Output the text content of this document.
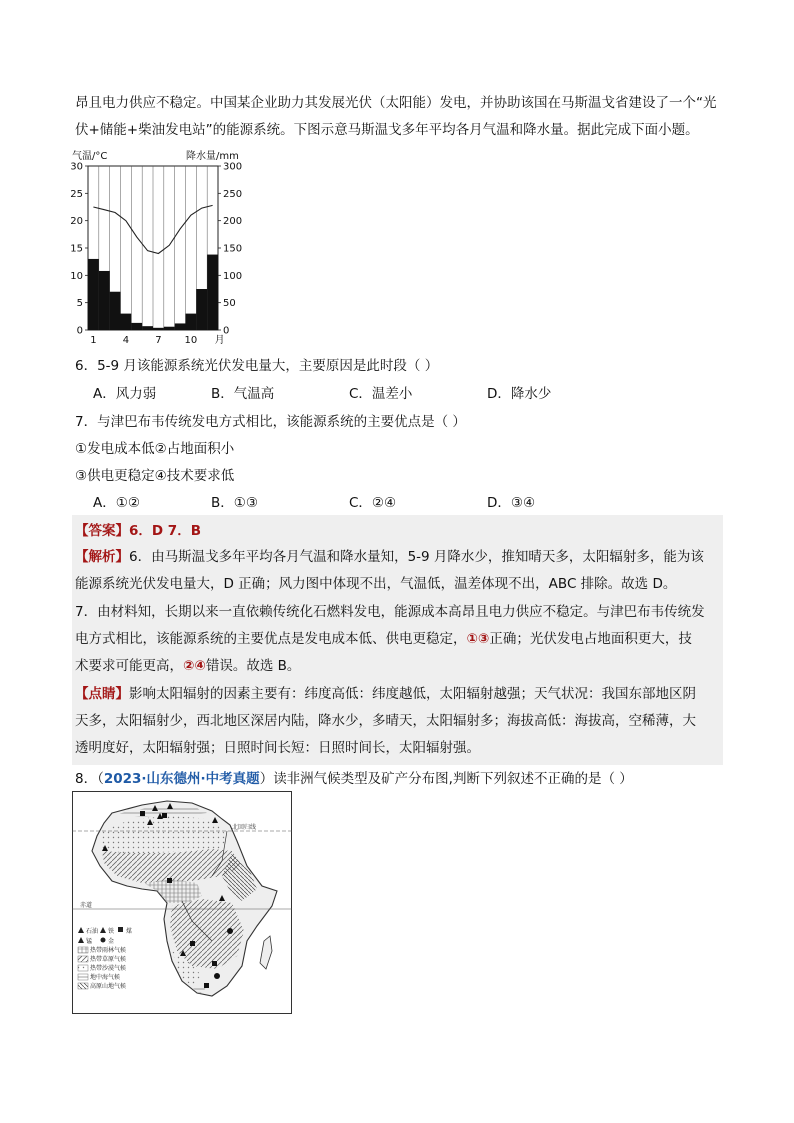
昂且电力供应不稳定。中国某企业助力其发展光伏（太阳能）发电，并协助该国在马斯温戈省建设了一个“光
伏+储能+柴油发电站”的能源系统。下图示意马斯温戈多年平均各月气温和降水量。据此完成下面小题。
气温/°C	降水量/mm
30
25
20
15
10
5
0
300
250
200
150
100
50
0
1	4	7 10 月
6．5-9 月该能源系统光伏发电量大，主要原因是此时段（ ）
A．风力弱	B．气温高	C．温差小	D．降水少
7．与津巴布韦传统发电方式相比，该能源系统的主要优点是（ ）
①发电成本低②占地面积小
③供电更稳定④技术要求低
A．①②	B．①③	C．②④	D．③④
【答案】6．D 7．B
【解析】6．由马斯温戈多年平均各月气温和降水量知，5-9 月降水少，推知晴天多，太阳辐射多，能为该
能源系统光伏发电量大，D 正确；风力图中体现不出，气温低，温差体现不出，ABC 排除。故选 D。
7．由材料知，长期以来一直依赖传统化石燃料发电，能源成本高昂且电力供应不稳定。与津巴布韦传统发
电方式相比，该能源系统的主要优点是发电成本低、供电更稳定，①③正确；光伏发电占地面积更大，技
术要求可能更高，②④错误。故选 B。
【点睛】影响太阳辐射的因素主要有：纬度高低：纬度越低，太阳辐射越强；天气状况：我国东部地区阴
天多，太阳辐射少，西北地区深居内陆，降水少，多晴天，太阳辐射多；海拔高低：海拔高，空稀薄，大
透明度好，太阳辐射强；日照时间长短：日照时间长，太阳辐射强。
8．（2023·山东德州·中考真题）读非洲气候类型及矿产分布图,判断下列叙述不正确的是（ ）
北回归线
赤道
石油 铁 煤
锰	金
热带雨林气候
热带草原气候
热带沙漠气候
地中海气候
高原山地气候
